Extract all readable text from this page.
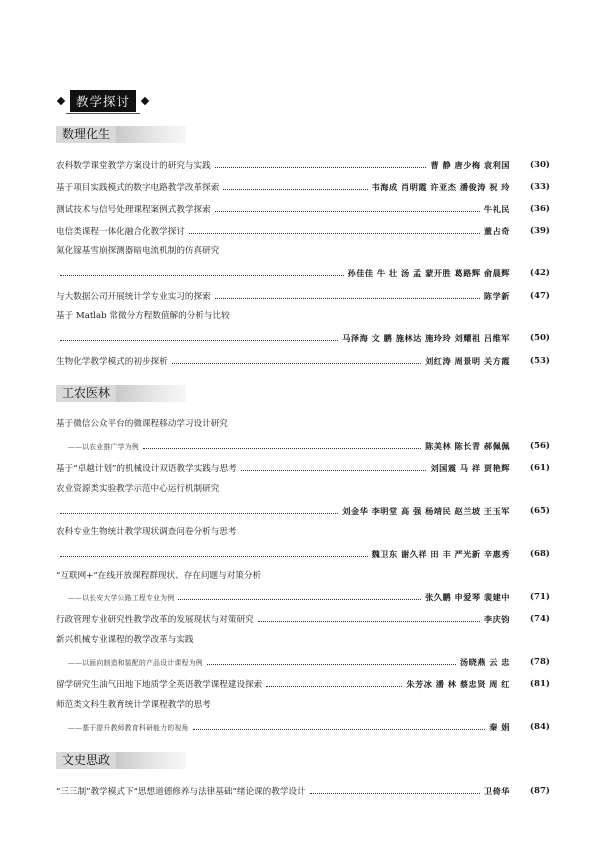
教学探讨
数理化生
农科数学课堂教学方案设计的研究与实践	曹 静 唐少梅 袁利国	(30)
基于项目实践模式的数字电路教学改革探索	韦海成 肖明霞 许亚杰 潘俊涛 祝 玲	(33)
测试技术与信号处理课程案例式教学探索	牛礼民	(36)
电信类课程一体化融合化教学探讨	董占奇	(39)
氮化镓基雪崩探测器暗电流机制的仿真研究
孙佳佳 牛 壮 汤 孟 蒙开胜 葛路辉 俞晨辉	(42)
与大数据公司开展统计学专业实习的探索	陈学新	(47)
基于 Matlab 常微分方程数值解的分析与比较
马泽海 文 鹏 施林达 施玲玲 刘耀祖 吕维军	(50)
生物化学教学模式的初步探析	刘红涛 周景明 关方霞	(53)
工农医林
基于微信公众平台的微课程移动学习设计研究
——以农业推广学为例	陈美林 陈长青 郝佩佩	(56)
基于“卓越计划”的机械设计双语教学实践与思考	刘国震 马 祥 贾艳辉	(61)
农业资源类实验教学示范中心运行机制研究
刘金华 李明堂 高 强 杨靖民 赵兰坡 王玉军	(65)
农科专业生物统计教学现状调查问卷分析与思考
魏卫东 谢久祥 田 丰 严光新 辛惠秀	(68)
“互联网+”在线开放课程群现状、存在问题与对策分析
——以长安大学公路工程专业为例	张久鹏 申爱琴 裴建中	(71)
行政管理专业研究性教学改革的发展现状与对策研究	李庆钧	(74)
新兴机械专业课程的教学改革与实践
——以面向制造和装配的产品设计课程为例	汤晓燕 云 忠	(78)
留学研究生油气田地下地质学全英语教学课程建设探索	朱芳冰 潘 林 蔡忠贤 周 红	(81)
师范类文科生教育统计学课程教学的思考
——基于提升教师教育科研能力的视角	秦 娟	(84)
文史思政
“三三制”教学模式下“思想道德修养与法律基础”绪论课的教学设计	卫倚华	(87)
